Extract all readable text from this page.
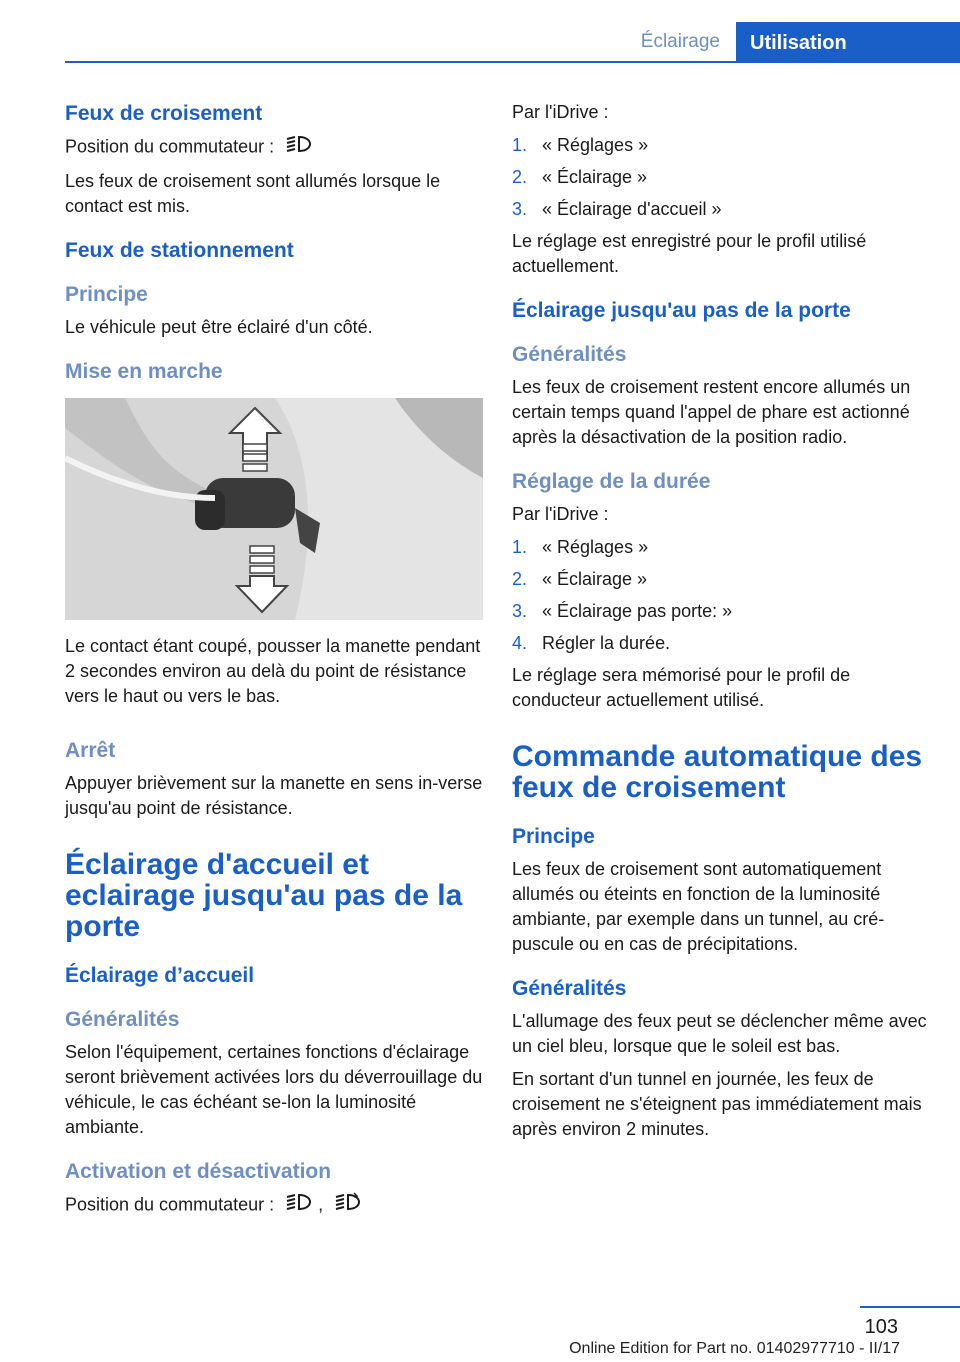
Éclairage	Utilisation
Feux de croisement

Position du commutateur :

Les feux de croisement sont allumés lorsque le contact est mis.

Feux de stationnement
Principe

Le véhicule peut être éclairé d'un côté.

Mise en marche

Le contact étant coupé, pousser la manette pendant 2 secondes environ au delà du point de résistance vers le haut ou vers le bas.

Arrêt

Appuyer brièvement sur la manette en sens in-verse jusqu'au point de résistance.

Éclairage d'accueil et eclairage jusqu'au pas de la porte
Éclairage d’accueil
Généralités

Selon l'équipement, certaines fonctions d'éclairage seront brièvement activées lors du déverrouillage du véhicule, le cas échéant se-lon la luminosité ambiante.

Activation et désactivation

Position du commutateur : ,

Par l'iDrive :

1. « Réglages »
2. « Éclairage »
3. « Éclairage d'accueil »

Le réglage est enregistré pour le profil utilisé actuellement.

Éclairage jusqu'au pas de la porte
Généralités

Les feux de croisement restent encore allumés un certain temps quand l'appel de phare est actionné après la désactivation de la position radio.

Réglage de la durée

Par l'iDrive :

1. « Réglages »
2. « Éclairage »
3. « Éclairage pas porte: »
4. Régler la durée.

Le réglage sera mémorisé pour le profil de conducteur actuellement utilisé.

Commande automatique des feux de croisement
Principe

Les feux de croisement sont automatiquement allumés ou éteints en fonction de la luminosité ambiante, par exemple dans un tunnel, au cré-puscule ou en cas de précipitations.

Généralités

L'allumage des feux peut se déclencher même avec un ciel bleu, lorsque que le soleil est bas.

En sortant d'un tunnel en journée, les feux de croisement ne s'éteignent pas immédiatement mais après environ 2 minutes.

103
Online Edition for Part no. 01402977710 - II/17
